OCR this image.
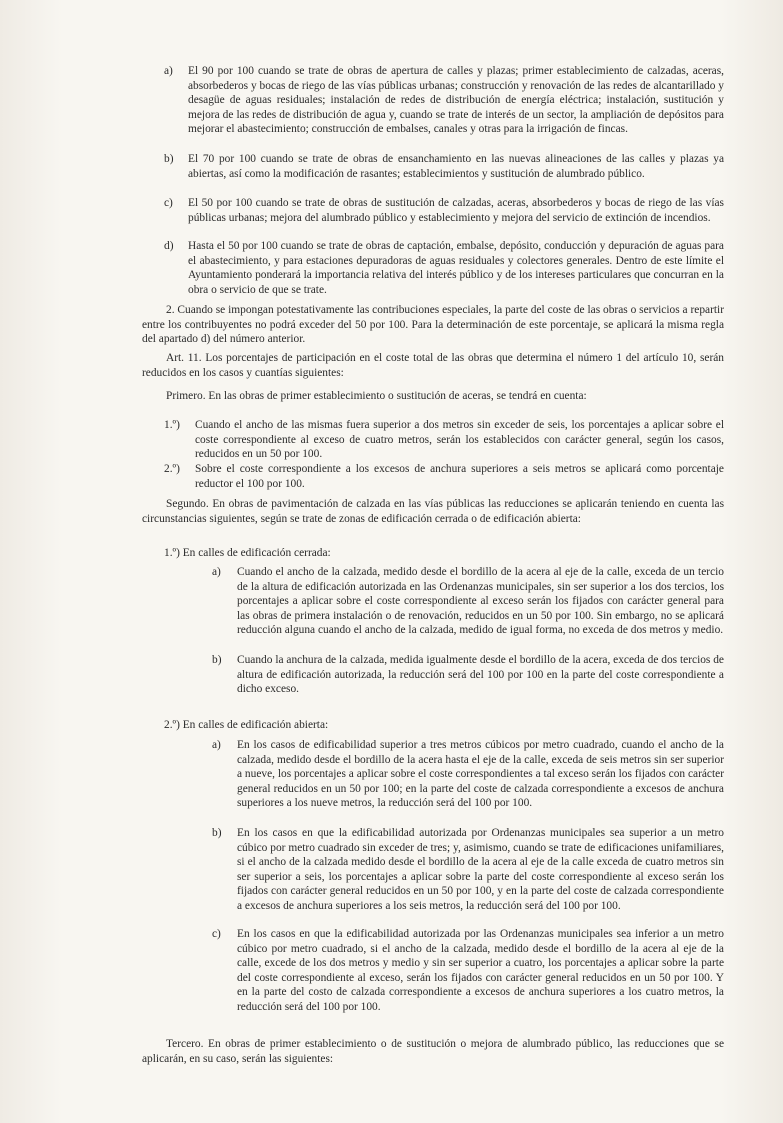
a) El 90 por 100 cuando se trate de obras de apertura de calles y plazas; primer establecimiento de calzadas, aceras, absorbederos y bocas de riego de las vías públicas urbanas; construcción y renovación de las redes de alcantarillado y desagüe de aguas residuales; instalación de redes de distribución de energía eléctrica; instalación, sustitución y mejora de las redes de distribución de agua y, cuando se trate de interés de un sector, la ampliación de depósitos para mejorar el abastecimiento; construcción de embalses, canales y otras para la irrigación de fincas.
b) El 70 por 100 cuando se trate de obras de ensanchamiento en las nuevas alineaciones de las calles y plazas ya abiertas, así como la modificación de rasantes; establecimientos y sustitución de alumbrado público.
c) El 50 por 100 cuando se trate de obras de sustitución de calzadas, aceras, absorbederos y bocas de riego de las vías públicas urbanas; mejora del alumbrado público y establecimiento y mejora del servicio de extinción de incendios.
d) Hasta el 50 por 100 cuando se trate de obras de captación, embalse, depósito, conducción y depuración de aguas para el abastecimiento, y para estaciones depuradoras de aguas residuales y colectores generales. Dentro de este límite el Ayuntamiento ponderará la importancia relativa del interés público y de los intereses particulares que concurran en la obra o servicio de que se trate.
2. Cuando se impongan potestativamente las contribuciones especiales, la parte del coste de las obras o servicios a repartir entre los contribuyentes no podrá exceder del 50 por 100. Para la determinación de este porcentaje, se aplicará la misma regla del apartado d) del número anterior.
Art. 11. Los porcentajes de participación en el coste total de las obras que determina el número 1 del artículo 10, serán reducidos en los casos y cuantías siguientes:
Primero. En las obras de primer establecimiento o sustitución de aceras, se tendrá en cuenta:
1.º) Cuando el ancho de las mismas fuera superior a dos metros sin exceder de seis, los porcentajes a aplicar sobre el coste correspondiente al exceso de cuatro metros, serán los establecidos con carácter general, según los casos, reducidos en un 50 por 100.
2.º) Sobre el coste correspondiente a los excesos de anchura superiores a seis metros se aplicará como porcentaje reductor el 100 por 100.
Segundo. En obras de pavimentación de calzada en las vías públicas las reducciones se aplicarán teniendo en cuenta las circunstancias siguientes, según se trate de zonas de edificación cerrada o de edificación abierta:
1.º) En calles de edificación cerrada:
a) Cuando el ancho de la calzada, medido desde el bordillo de la acera al eje de la calle, exceda de un tercio de la altura de edificación autorizada en las Ordenanzas municipales, sin ser superior a los dos tercios, los porcentajes a aplicar sobre el coste correspondiente al exceso serán los fijados con carácter general para las obras de primera instalación o de renovación, reducidos en un 50 por 100. Sin embargo, no se aplicará reducción alguna cuando el ancho de la calzada, medido de igual forma, no exceda de dos metros y medio.
b) Cuando la anchura de la calzada, medida igualmente desde el bordillo de la acera, exceda de dos tercios de altura de edificación autorizada, la reducción será del 100 por 100 en la parte del coste correspondiente a dicho exceso.
2.º) En calles de edificación abierta:
a) En los casos de edificabilidad superior a tres metros cúbicos por metro cuadrado, cuando el ancho de la calzada, medido desde el bordillo de la acera hasta el eje de la calle, exceda de seis metros sin ser superior a nueve, los porcentajes a aplicar sobre el coste correspondientes a tal exceso serán los fijados con carácter general reducidos en un 50 por 100; en la parte del coste de calzada correspondiente a excesos de anchura superiores a los nueve metros, la reducción será del 100 por 100.
b) En los casos en que la edificabilidad autorizada por Ordenanzas municipales sea superior a un metro cúbico por metro cuadrado sin exceder de tres; y, asimismo, cuando se trate de edificaciones unifamiliares, si el ancho de la calzada medido desde el bordillo de la acera al eje de la calle exceda de cuatro metros sin ser superior a seis, los porcentajes a aplicar sobre la parte del coste correspondiente al exceso serán los fijados con carácter general reducidos en un 50 por 100, y en la parte del coste de calzada correspondiente a excesos de anchura superiores a los seis metros, la reducción será del 100 por 100.
c) En los casos en que la edificabilidad autorizada por las Ordenanzas municipales sea inferior a un metro cúbico por metro cuadrado, si el ancho de la calzada, medido desde el bordillo de la acera al eje de la calle, excede de los dos metros y medio y sin ser superior a cuatro, los porcentajes a aplicar sobre la parte del coste correspondiente al exceso, serán los fijados con carácter general reducidos en un 50 por 100. Y en la parte del costo de calzada correspondiente a excesos de anchura superiores a los cuatro metros, la reducción será del 100 por 100.
Tercero. En obras de primer establecimiento o de sustitución o mejora de alumbrado público, las reducciones que se aplicarán, en su caso, serán las siguientes:
